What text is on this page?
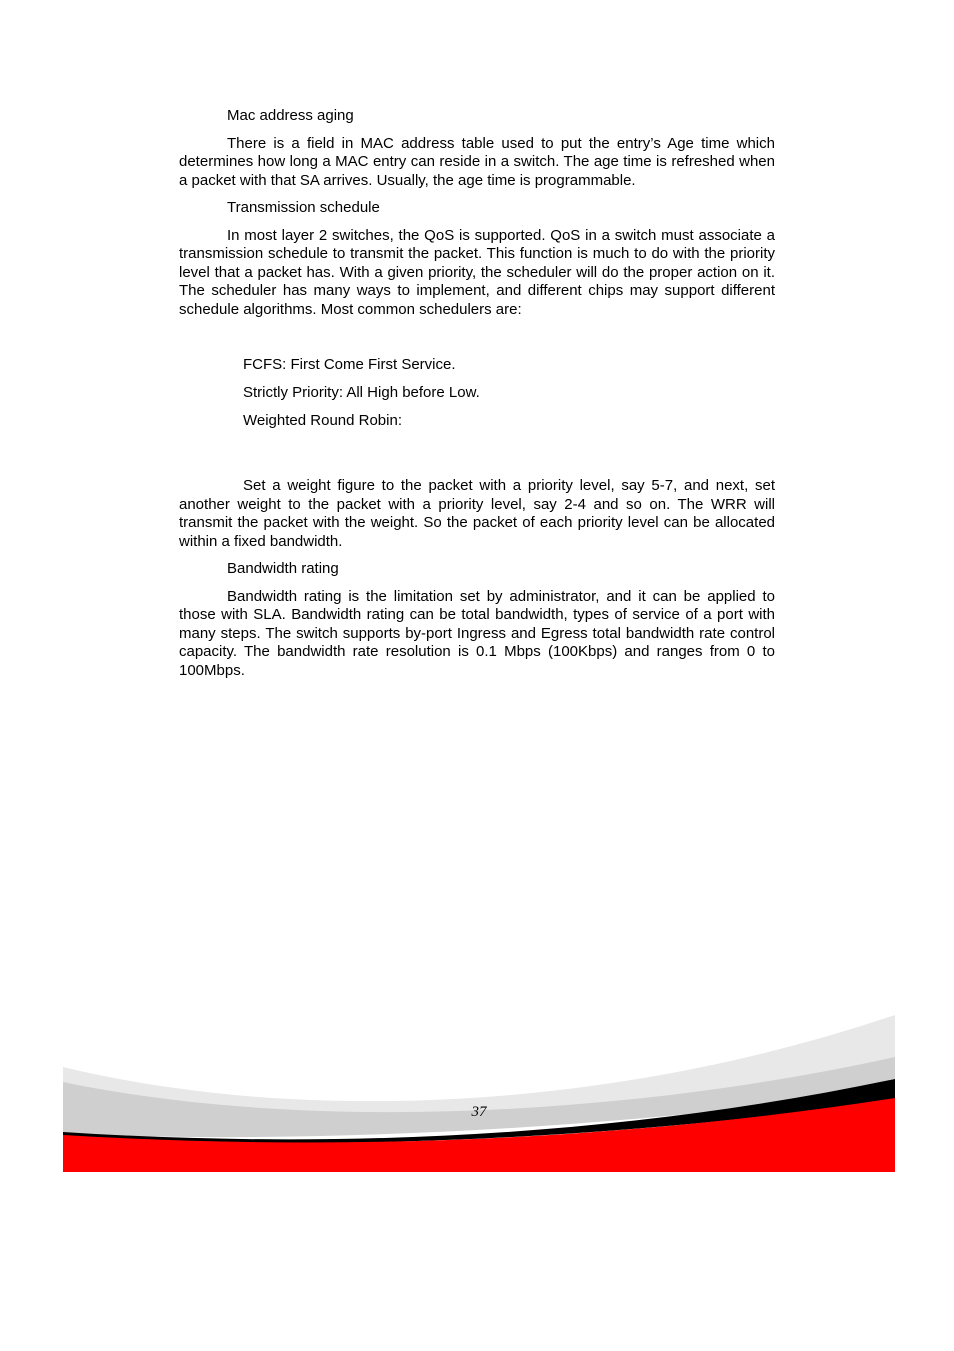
Mac address aging

There is a field in MAC address table used to put the entry’s Age time which determines how long a MAC entry can reside in a switch. The age time is refreshed when a packet with that SA arrives. Usually, the age time is programmable.

Transmission schedule

In most layer 2 switches, the QoS is supported. QoS in a switch must associate a transmission schedule to transmit the packet. This function is much to do with the priority level that a packet has. With a given priority, the scheduler will do the proper action on it. The scheduler has many ways to implement, and different chips may support different schedule algorithms. Most common schedulers are:

FCFS: First Come First Service.
Strictly Priority: All High before Low.
Weighted Round Robin:

Set a weight figure to the packet with a priority level, say 5-7, and next, set another weight to the packet with a priority level, say 2-4 and so on. The WRR will transmit the packet with the weight. So the packet of each priority level can be allocated within a fixed bandwidth.

Bandwidth rating

Bandwidth rating is the limitation set by administrator, and it can be applied to those with SLA. Bandwidth rating can be total bandwidth, types of service of a port with many steps. The switch supports by-port Ingress and Egress total bandwidth rate control capacity. The bandwidth rate resolution is 0.1 Mbps (100Kbps) and ranges from 0 to 100Mbps.

37
